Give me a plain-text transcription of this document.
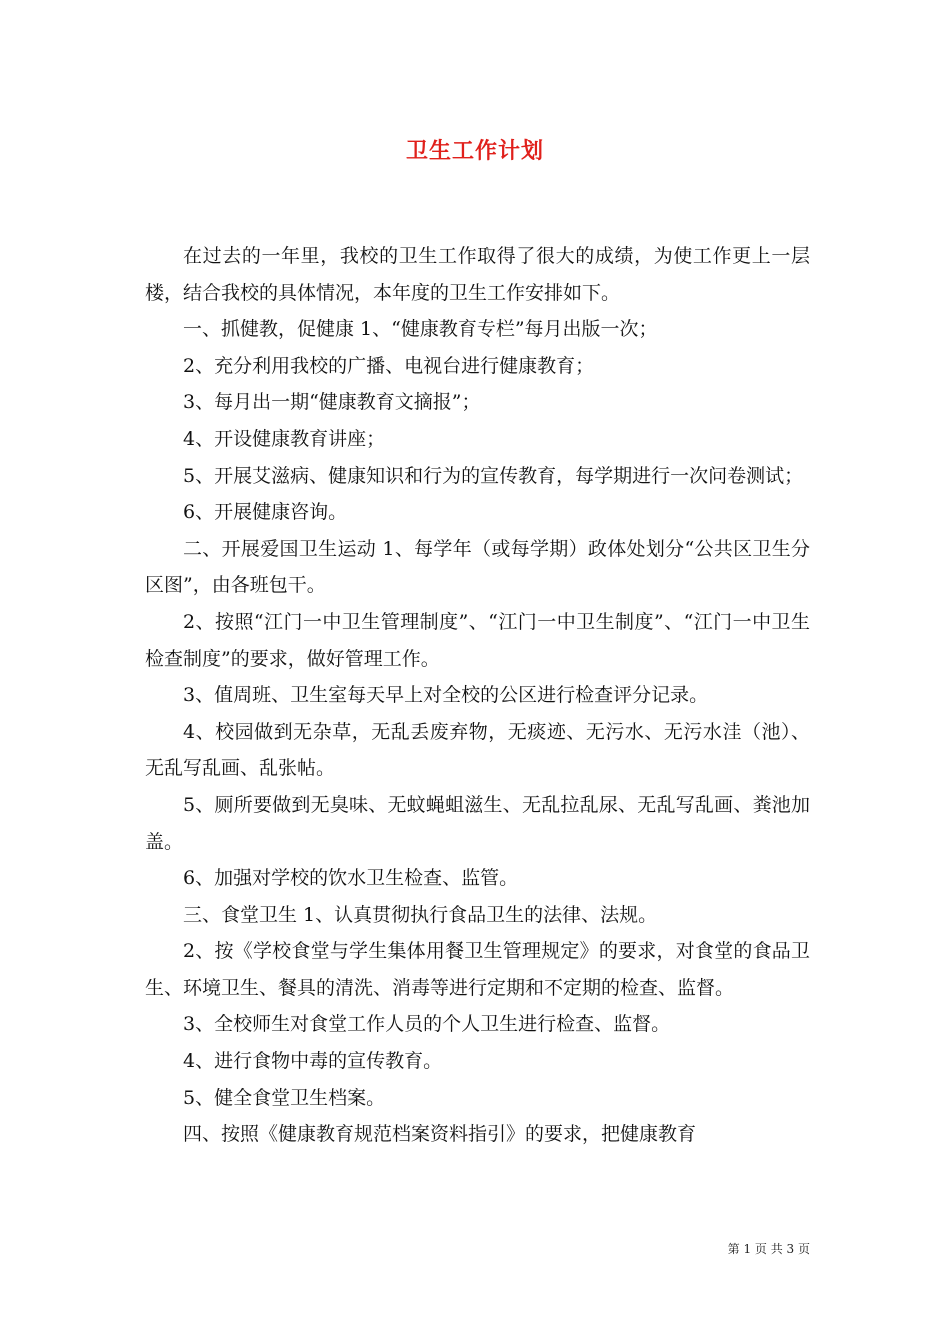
卫生工作计划

在过去的一年里，我校的卫生工作取得了很大的成绩，为使工作更上一层楼，结合我校的具体情况，本年度的卫生工作安排如下。

一、抓健教，促健康 1、“健康教育专栏”每月出版一次；

2、充分利用我校的广播、电视台进行健康教育；

3、每月出一期“健康教育文摘报”；

4、开设健康教育讲座；

5、开展艾滋病、健康知识和行为的宣传教育，每学期进行一次问卷测试；

6、开展健康咨询。

二、开展爱国卫生运动 1、每学年（或每学期）政体处划分“公共区卫生分区图”，由各班包干。

2、按照“江门一中卫生管理制度”、“江门一中卫生制度”、“江门一中卫生检查制度”的要求，做好管理工作。

3、值周班、卫生室每天早上对全校的公区进行检查评分记录。

4、校园做到无杂草，无乱丢废弃物，无痰迹、无污水、无污水洼（池）、无乱写乱画、乱张帖。

5、厕所要做到无臭味、无蚊蝇蛆滋生、无乱拉乱尿、无乱写乱画、粪池加盖。

6、加强对学校的饮水卫生检查、监管。

三、食堂卫生 1、认真贯彻执行食品卫生的法律、法规。

2、按《学校食堂与学生集体用餐卫生管理规定》的要求，对食堂的食品卫生、环境卫生、餐具的清洗、消毒等进行定期和不定期的检查、监督。

3、全校师生对食堂工作人员的个人卫生进行检查、监督。

4、进行食物中毒的宣传教育。

5、健全食堂卫生档案。

四、按照《健康教育规范档案资料指引》的要求，把健康教育

第 1 页 共 3 页
